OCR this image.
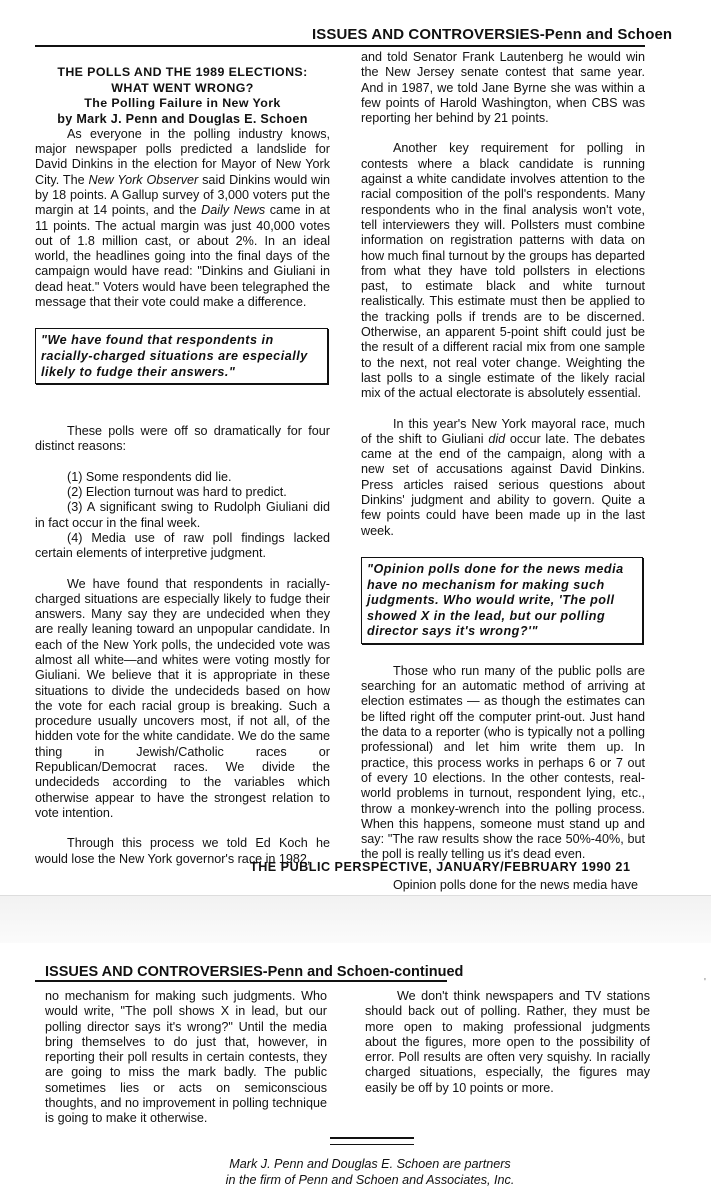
ISSUES AND CONTROVERSIES-Penn and Schoen

THE POLLS AND THE 1989 ELECTIONS:

WHAT WENT WRONG?

The Polling Failure in New York

by Mark J. Penn and Douglas E. Schoen

As everyone in the polling industry knows, major newspaper polls predicted a landslide for David Dinkins in the election for Mayor of New York City. The New York Observer said Dinkins would win by 18 points. A Gallup survey of 3,000 voters put the margin at 14 points, and the Daily News came in at 11 points. The actual margin was just 40,000 votes out of 1.8 million cast, or about 2%. In an ideal world, the headlines going into the final days of the campaign would have read: "Dinkins and Giuliani in dead heat." Voters would have been telegraphed the message that their vote could make a difference.

"We have found that respondents in racially-charged situations are especially likely to fudge their answers."

These polls were off so dramatically for four distinct reasons:

(1) Some respondents did lie.

(2) Election turnout was hard to predict.

(3) A significant swing to Rudolph Giuliani did in fact occur in the final week.

(4) Media use of raw poll findings lacked certain elements of interpretive judgment.

We have found that respondents in racially-charged situations are especially likely to fudge their answers. Many say they are undecided when they are really leaning toward an unpopular candidate. In each of the New York polls, the undecided vote was almost all white—and whites were voting mostly for Giuliani. We believe that it is appropriate in these situations to divide the undecideds based on how the vote for each racial group is breaking. Such a procedure usually uncovers most, if not all, of the hidden vote for the white candidate. We do the same thing in Jewish/Catholic races or Republican/Democrat races. We divide the undecideds according to the variables which otherwise appear to have the strongest relation to vote intention.

Through this process we told Ed Koch he would lose the New York governor's race in 1982,

and told Senator Frank Lautenberg he would win the New Jersey senate contest that same year. And in 1987, we told Jane Byrne she was within a few points of Harold Washington, when CBS was reporting her behind by 21 points.

Another key requirement for polling in contests where a black candidate is running against a white candidate involves attention to the racial composition of the poll's respondents. Many respondents who in the final analysis won't vote, tell interviewers they will. Pollsters must combine information on registration patterns with data on how much final turnout by the groups has departed from what they have told pollsters in elections past, to estimate black and white turnout realistically. This estimate must then be applied to the tracking polls if trends are to be discerned. Otherwise, an apparent 5-point shift could just be the result of a different racial mix from one sample to the next, not real voter change. Weighting the last polls to a single estimate of the likely racial mix of the actual electorate is absolutely essential.

In this year's New York mayoral race, much of the shift to Giuliani did occur late. The debates came at the end of the campaign, along with a new set of accusations against David Dinkins. Press articles raised serious questions about Dinkins' judgment and ability to govern. Quite a few points could have been made up in the last week.

"Opinion polls done for the news media have no mechanism for making such judgments. Who would write, 'The poll showed X in the lead, but our polling director says it's wrong?'"

Those who run many of the public polls are searching for an automatic method of arriving at election estimates — as though the estimates can be lifted right off the computer print-out. Just hand the data to a reporter (who is typically not a polling professional) and let him write them up. In practice, this process works in perhaps 6 or 7 out of every 10 elections. In the other contests, real-world problems in turnout, respondent lying, etc., throw a monkey-wrench into the polling process. When this happens, someone must stand up and say: "The raw results show the race 50%-40%, but the poll is really telling us it's dead even.

Opinion polls done for the news media have

THE PUBLIC PERSPECTIVE, JANUARY/FEBRUARY 1990 21
ISSUES AND CONTROVERSIES-Penn and Schoen-continued
'

no mechanism for making such judgments. Who would write, "The poll shows X in lead, but our polling director says it's wrong?" Until the media bring themselves to do just that, however, in reporting their poll results in certain contests, they are going to miss the mark badly. The public sometimes lies or acts on semiconscious thoughts, and no improvement in polling technique is going to make it otherwise.

We don't think newspapers and TV stations should back out of polling. Rather, they must be more open to making professional judgments about the figures, more open to the possibility of error. Poll results are often very squishy. In racially charged situations, especially, the figures may easily be off by 10 points or more.

Mark J. Penn and Douglas E. Schoen are partners
in the firm of Penn and Schoen and Associates, Inc.
